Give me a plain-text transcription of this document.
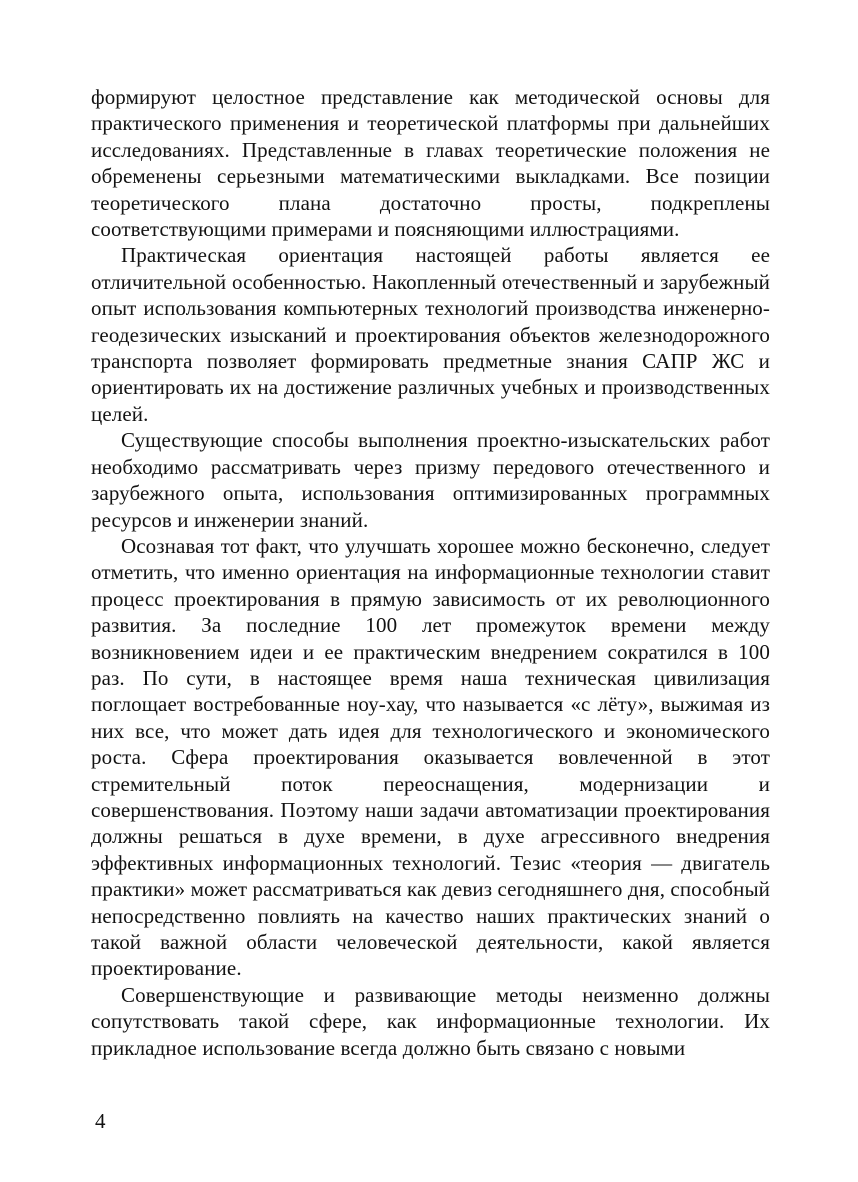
формируют целостное представление как методической основы для практического применения и теоретической платформы при дальнейших исследованиях. Представленные в главах теоретические положения не обременены серьезными математическими выкладками. Все позиции теоретического плана достаточно просты, подкреплены соответствующими примерами и поясняющими иллюстрациями.

Практическая ориентация настоящей работы является ее отличительной особенностью. Накопленный отечественный и зарубежный опыт использования компьютерных технологий производства инженерно-геодезических изысканий и проектирования объектов железнодорожного транспорта позволяет формировать предметные знания САПР ЖС и ориентировать их на достижение различных учебных и производственных целей.

Существующие способы выполнения проектно-изыскательских работ необходимо рассматривать через призму передового отечественного и зарубежного опыта, использования оптимизированных программных ресурсов и инженерии знаний.

Осознавая тот факт, что улучшать хорошее можно бесконечно, следует отметить, что именно ориентация на информационные технологии ставит процесс проектирования в прямую зависимость от их революционного развития. За последние 100 лет промежуток времени между возникновением идеи и ее практическим внедрением сократился в 100 раз. По сути, в настоящее время наша техническая цивилизация поглощает востребованные ноу-хау, что называется «с лёту», выжимая из них все, что может дать идея для технологического и экономического роста. Сфера проектирования оказывается вовлеченной в этот стремительный поток переоснащения, модернизации и совершенствования. Поэтому наши задачи автоматизации проектирования должны решаться в духе времени, в духе агрессивного внедрения эффективных информационных технологий. Тезис «теория — двигатель практики» может рассматриваться как девиз сегодняшнего дня, способный непосредственно повлиять на качество наших практических знаний о такой важной области человеческой деятельности, какой является проектирование.

Совершенствующие и развивающие методы неизменно должны сопутствовать такой сфере, как информационные технологии. Их прикладное использование всегда должно быть связано с новыми

4
